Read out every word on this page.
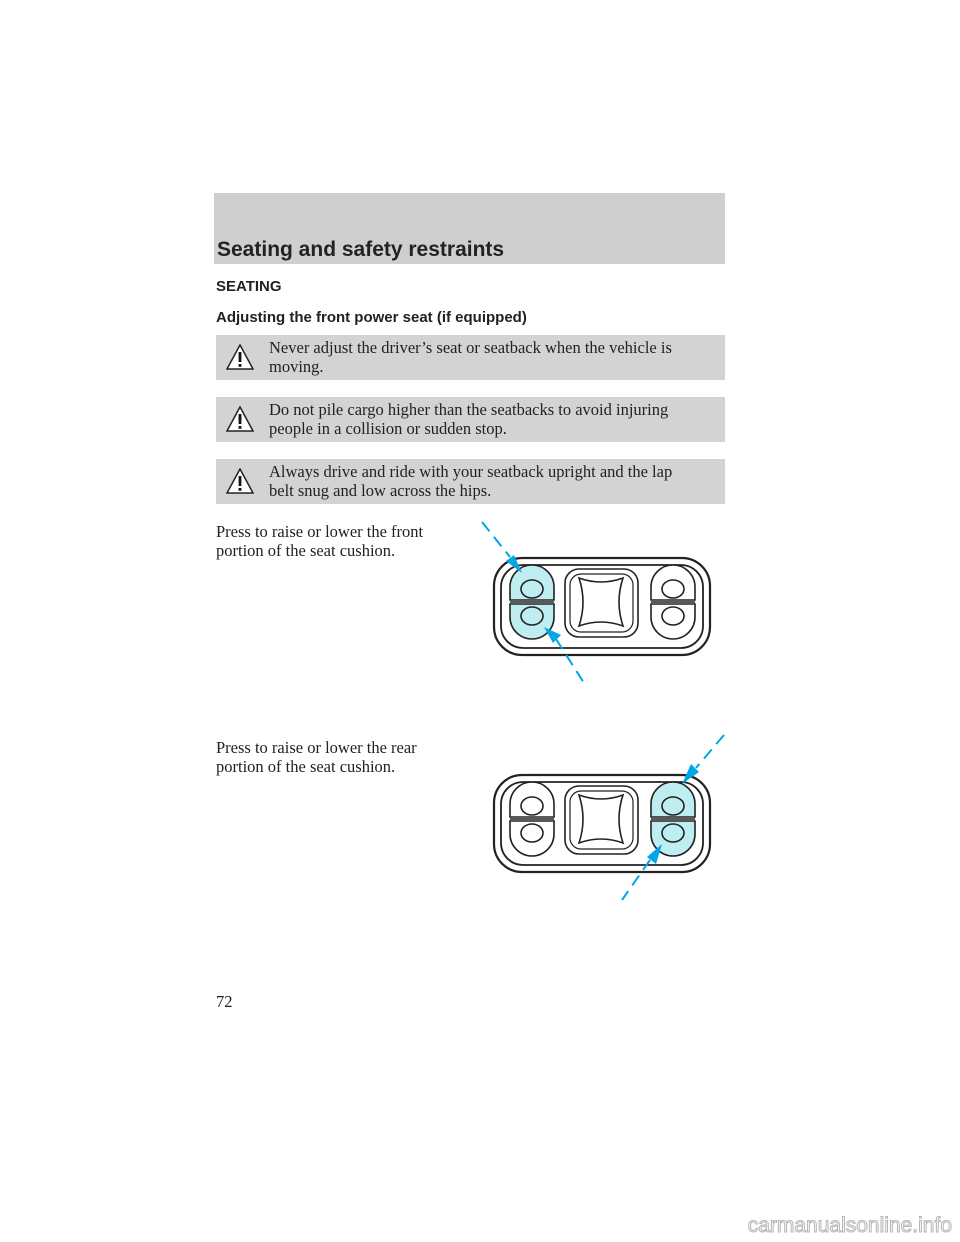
Seating and safety restraints
SEATING
Adjusting the front power seat (if equipped)
Never adjust the driver’s seat or seatback when the vehicle is
moving.
Do not pile cargo higher than the seatbacks to avoid injuring
people in a collision or sudden stop.
Always drive and ride with your seatback upright and the lap
belt snug and low across the hips.
Press to raise or lower the front
portion of the seat cushion.
Press to raise or lower the rear
portion of the seat cushion.
72
carmanualsonline.info
